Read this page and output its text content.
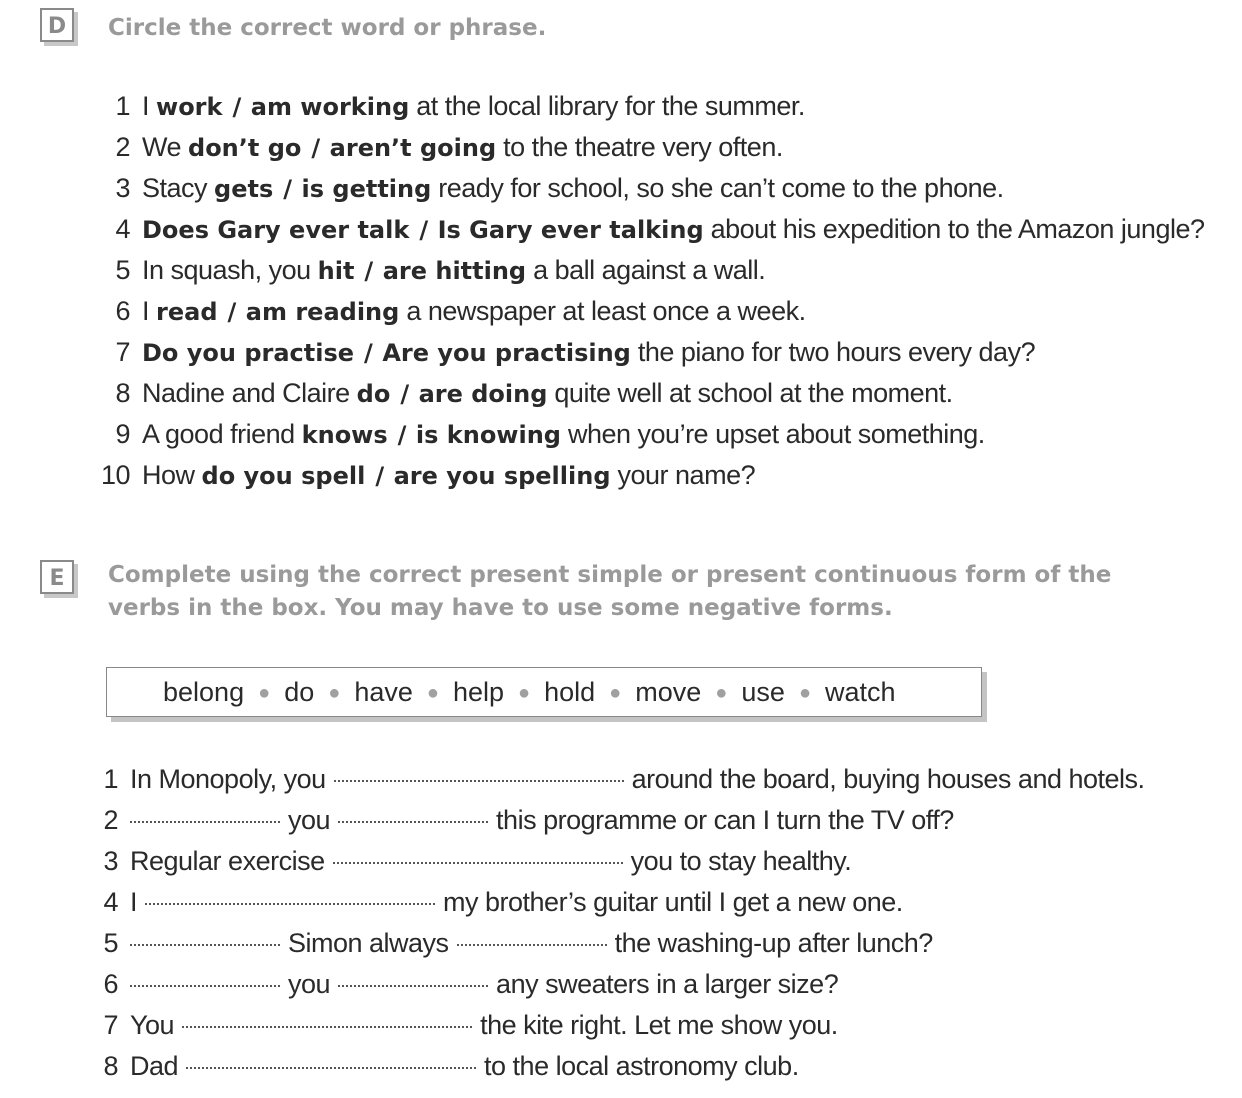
D	Circle the correct word or phrase.
1 I work / am working at the local library for the summer.
2 We don’t go / aren’t going to the theatre very often.
3 Stacy gets / is getting ready for school, so she can’t come to the phone.
4 Does Gary ever talk / Is Gary ever talking about his expedition to the Amazon jungle?
5 In squash, you hit / are hitting a ball against a wall.
6 I read / am reading a newspaper at least once a week.
7 Do you practise / Are you practising the piano for two hours every day?
8 Nadine and Claire do / are doing quite well at school at the moment.
9 A good friend knows / is knowing when you’re upset about something.
10 How do you spell / are you spelling your name?
E	Complete using the correct present simple or present continuous form of the
verbs in the box. You may have to use some negative forms.
belong ● do ● have ● help ● hold ● move ● use ● watch
1 In Monopoly, you	around the board, buying houses and hotels.
2	you	this programme or can I turn the TV off?
3 Regular exercise	you to stay healthy.
4 I	my brother’s guitar until I get a new one.
5	Simon always	the washing-up after lunch?
6	you	any sweaters in a larger size?
7 You	the kite right. Let me show you.
8 Dad	to the local astronomy club.
